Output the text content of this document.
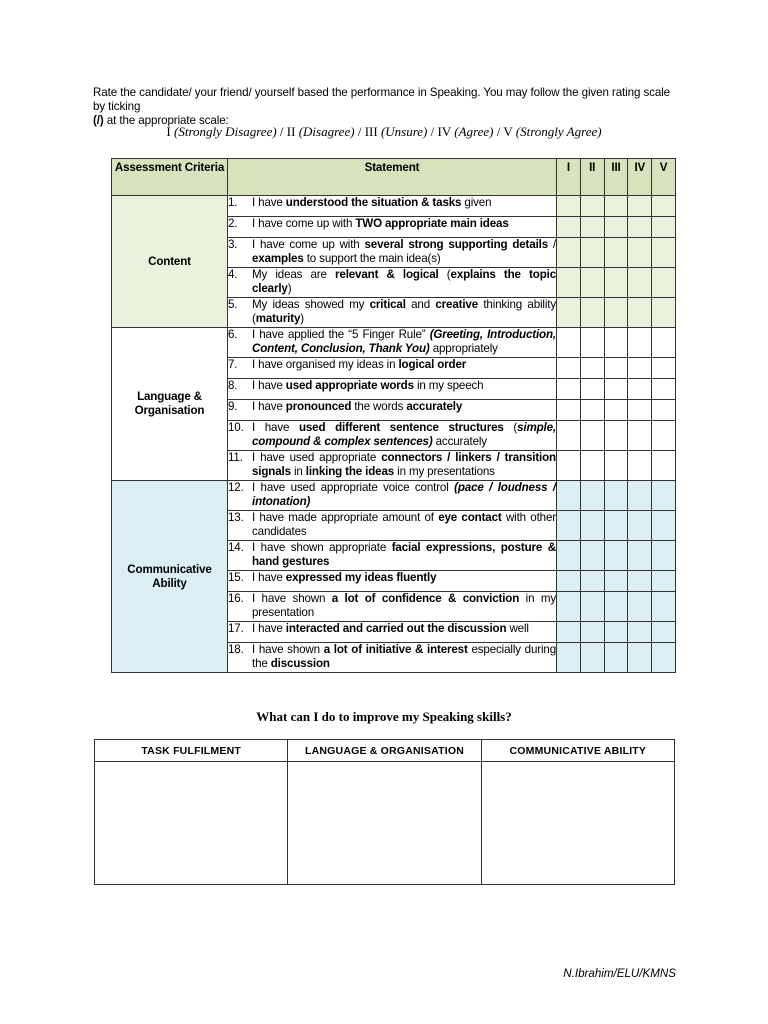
Rate the candidate/ your friend/ yourself based the performance in Speaking. You may follow the given rating scale by ticking
(/) at the appropriate scale:
I (Strongly Disagree) / II (Disagree) / III (Unsure) / IV (Agree) / V (Strongly Agree)
Assessment Criteria	Statement	I	II	III	IV	V
Content	1. I have understood the situation & tasks given					

	2. I have come up with TWO appropriate main ideas					

	3. I have come up with several strong supporting details / examples to support the main idea(s)					

	4. My ideas are relevant & logical (explains the topic clearly)					

	5. My ideas showed my critical and creative thinking ability (maturity)					

Language & Organisation	6. I have applied the “5 Finger Rule” (Greeting, Introduction, Content, Conclusion, Thank You) appropriately					

	7. I have organised my ideas in logical order					

	8. I have used appropriate words in my speech					

	9. I have pronounced the words accurately					

	10. I have used different sentence structures (simple, compound & complex sentences) accurately					

	11. I have used appropriate connectors / linkers / transition signals in linking the ideas in my presentations					

Communicative Ability	12. I have used appropriate voice control (pace / loudness / intonation)					

	13. I have made appropriate amount of eye contact with other candidates					

	14. I have shown appropriate facial expressions, posture & hand gestures					

	15. I have expressed my ideas fluently					

	16. I have shown a lot of confidence & conviction in my presentation					

	17. I have interacted and carried out the discussion well					

	18. I have shown a lot of initiative & interest especially during the discussion					

What can I do to improve my Speaking skills?
TASK FULFILMENT	LANGUAGE & ORGANISATION	COMMUNICATIVE ABILITY

N.Ibrahim/ELU/KMNS
